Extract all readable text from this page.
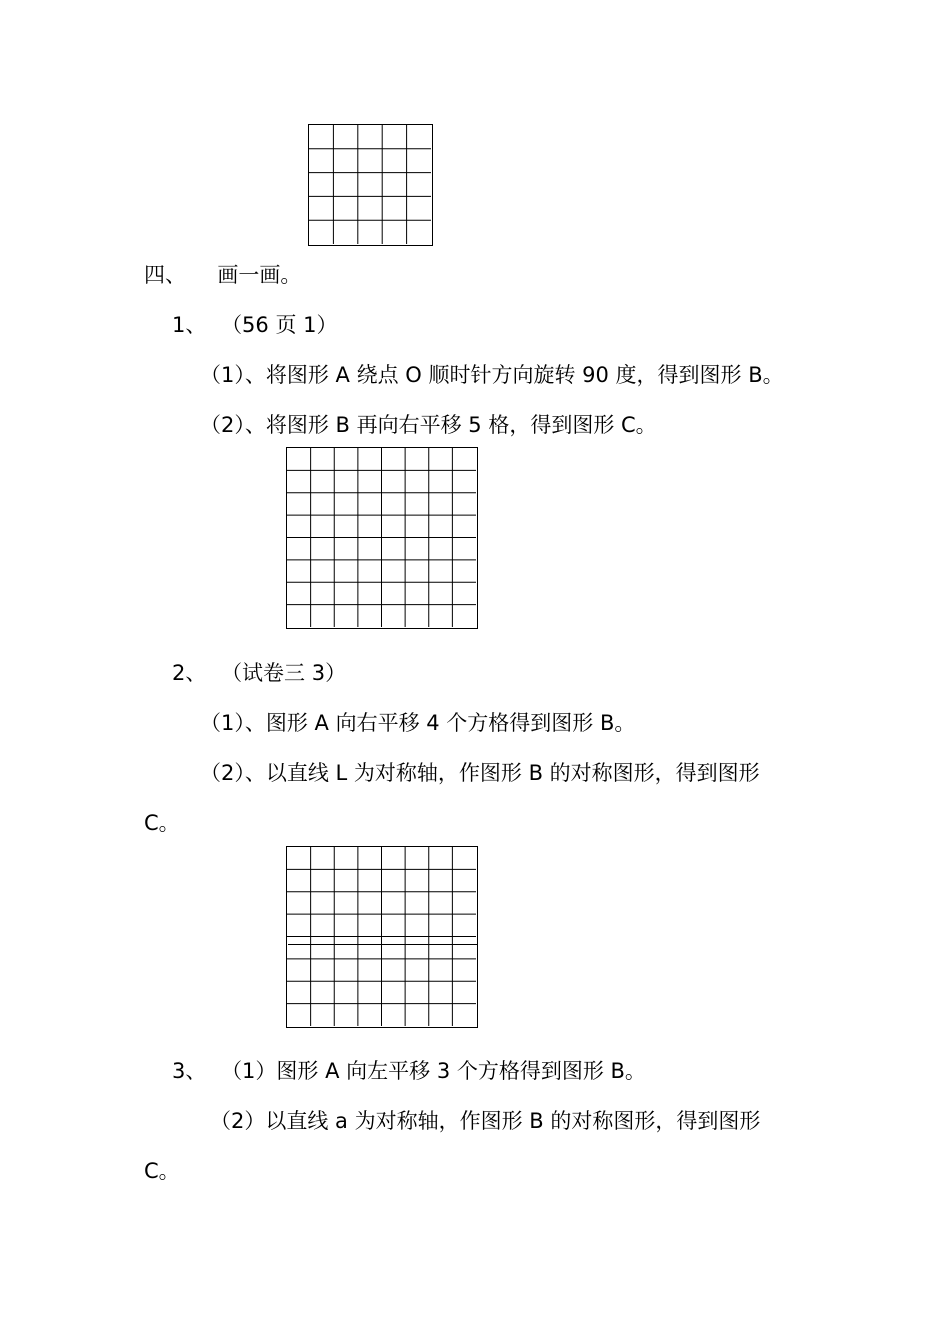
四、 画一画。
1、 （56 页 1）
（1）、将图形 A 绕点 O 顺时针方向旋转 90 度，得到图形 B。
（2）、将图形 B 再向右平移 5 格，得到图形 C。
2、 （试卷三 3）
（1）、图形 A 向右平移 4 个方格得到图形 B。
（2）、以直线 L 为对称轴，作图形 B 的对称图形，得到图形
C。
3、 （1）图形 A 向左平移 3 个方格得到图形 B。
（2）以直线 a 为对称轴，作图形 B 的对称图形，得到图形
C。
